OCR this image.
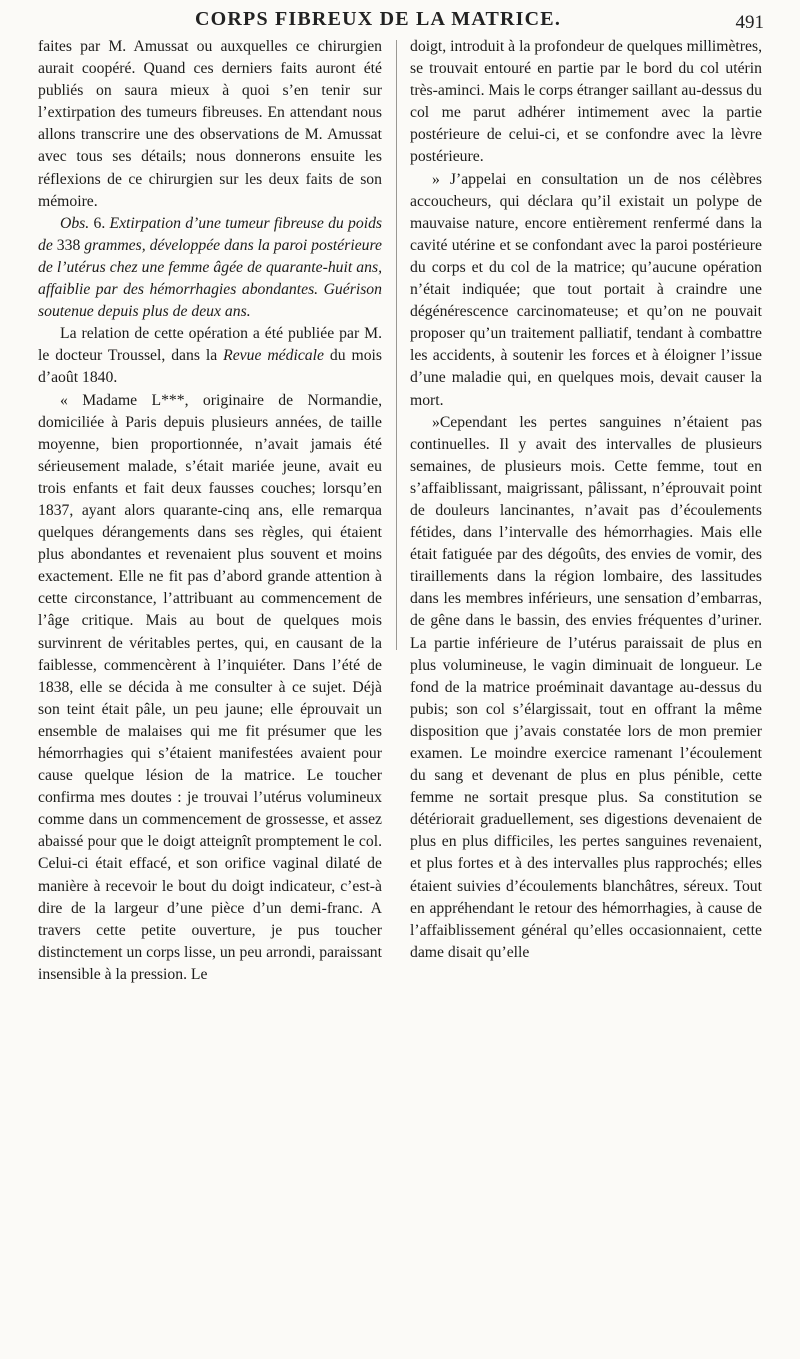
CORPS FIBREUX DE LA MATRICE.	491

faites par M. Amussat ou auxquelles ce chirurgien aurait coopéré. Quand ces derniers faits auront été publiés on saura mieux à quoi s’en tenir sur l’extirpation des tumeurs fibreuses. En attendant nous allons transcrire une des observations de M. Amussat avec tous ses détails; nous donnerons ensuite les réflexions de ce chirurgien sur les deux faits de son mémoire.

Obs. 6. Extirpation d’une tumeur fibreuse du poids de 338 grammes, développée dans la paroi postérieure de l’utérus chez une femme âgée de quarante-huit ans, affaiblie par des hémorrhagies abondantes. Guérison soutenue depuis plus de deux ans.

La relation de cette opération a été publiée par M. le docteur Troussel, dans la Revue médicale du mois d’août 1840.

« Madame L***, originaire de Normandie, domiciliée à Paris depuis plusieurs années, de taille moyenne, bien proportionnée, n’avait jamais été sérieusement malade, s’était mariée jeune, avait eu trois enfants et fait deux fausses couches; lorsqu’en 1837, ayant alors quarante-cinq ans, elle remarqua quelques dérangements dans ses règles, qui étaient plus abondantes et revenaient plus souvent et moins exactement. Elle ne fit pas d’abord grande attention à cette circonstance, l’attribuant au commencement de l’âge critique. Mais au bout de quelques mois survinrent de véritables pertes, qui, en causant de la faiblesse, commencèrent à l’inquiéter. Dans l’été de 1838, elle se décida à me consulter à ce sujet. Déjà son teint était pâle, un peu jaune; elle éprouvait un ensemble de malaises qui me fit présumer que les hémorrhagies qui s’étaient manifestées avaient pour cause quelque lésion de la matrice. Le toucher confirma mes doutes : je trouvai l’utérus volumineux comme dans un commencement de grossesse, et assez abaissé pour que le doigt atteignît promptement le col. Celui-ci était effacé, et son orifice vaginal dilaté de manière à recevoir le bout du doigt indicateur, c’est-à dire de la largeur d’une pièce d’un demi-franc. A travers cette petite ouverture, je pus toucher distinctement un corps lisse, un peu arrondi, paraissant insensible à la pression. Le

doigt, introduit à la profondeur de quelques millimètres, se trouvait entouré en partie par le bord du col utérin très-aminci. Mais le corps étranger saillant au-dessus du col me parut adhérer intimement avec la partie postérieure de celui-ci, et se confondre avec la lèvre postérieure.

» J’appelai en consultation un de nos célèbres accoucheurs, qui déclara qu’il existait un polype de mauvaise nature, encore entièrement renfermé dans la cavité utérine et se confondant avec la paroi postérieure du corps et du col de la matrice; qu’aucune opération n’était indiquée; que tout portait à craindre une dégénérescence carcinomateuse; et qu’on ne pouvait proposer qu’un traitement palliatif, tendant à combattre les accidents, à soutenir les forces et à éloigner l’issue d’une maladie qui, en quelques mois, devait causer la mort.

»Cependant les pertes sanguines n’étaient pas continuelles. Il y avait des intervalles de plusieurs semaines, de plusieurs mois. Cette femme, tout en s’affaiblissant, maigrissant, pâlissant, n’éprouvait point de douleurs lancinantes, n’avait pas d’écoulements fétides, dans l’intervalle des hémorrhagies. Mais elle était fatiguée par des dégoûts, des envies de vomir, des tiraillements dans la région lombaire, des lassitudes dans les membres inférieurs, une sensation d’embarras, de gêne dans le bassin, des envies fréquentes d’uriner. La partie inférieure de l’utérus paraissait de plus en plus volumineuse, le vagin diminuait de longueur. Le fond de la matrice proéminait davantage au-dessus du pubis; son col s’élargissait, tout en offrant la même disposition que j’avais constatée lors de mon premier examen. Le moindre exercice ramenant l’écoulement du sang et devenant de plus en plus pénible, cette femme ne sortait presque plus. Sa constitution se détériorait graduellement, ses digestions devenaient de plus en plus difficiles, les pertes sanguines revenaient, et plus fortes et à des intervalles plus rapprochés; elles étaient suivies d’écoulements blanchâtres, séreux. Tout en appréhendant le retour des hémorrhagies, à cause de l’affaiblissement général qu’elles occasionnaient, cette dame disait qu’elle
